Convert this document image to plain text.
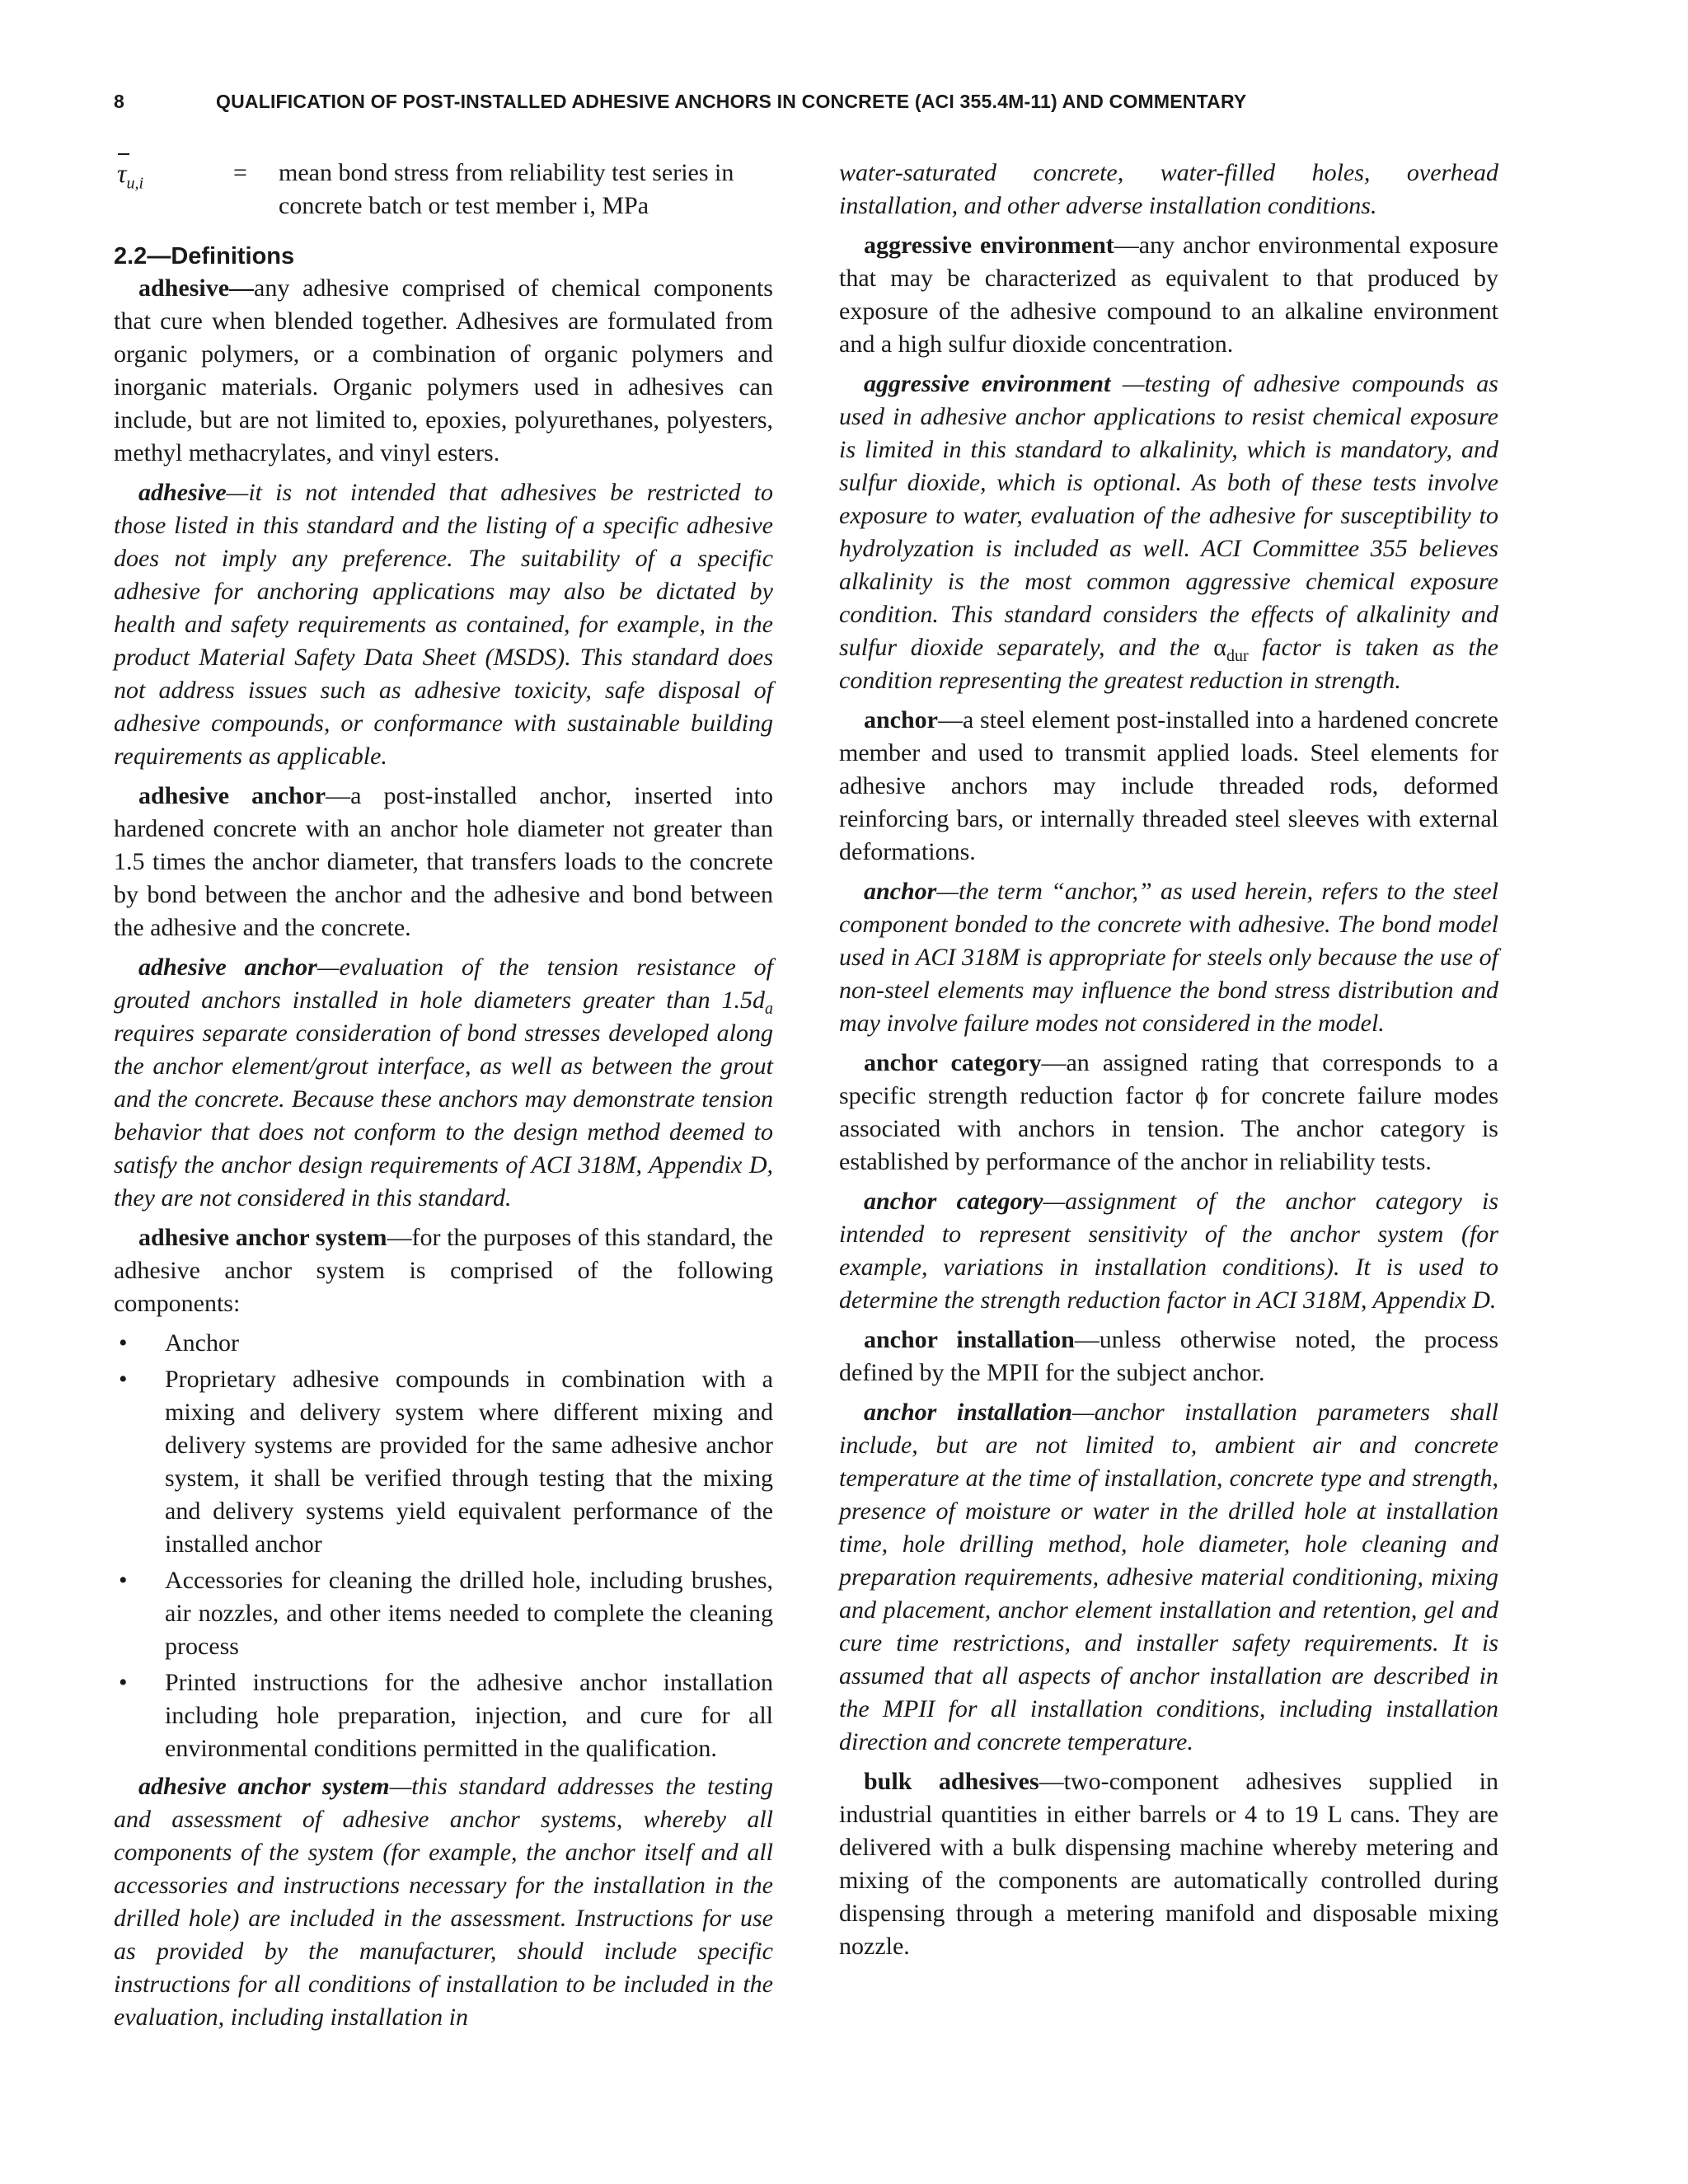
8	QUALIFICATION OF POST-INSTALLED ADHESIVE ANCHORS IN CONCRETE (ACI 355.4M-11) AND COMMENTARY
$\tau_{u,i}$	= mean bond stress from reliability test series in concrete batch or test member i, MPa
2.2—Definitions

adhesive—any adhesive comprised of chemical components that cure when blended together. Adhesives are formulated from organic polymers, or a combination of organic polymers and inorganic materials. Organic polymers used in adhesives can include, but are not limited to, epoxies, polyurethanes, polyesters, methyl methacrylates, and vinyl esters.

adhesive—it is not intended that adhesives be restricted to those listed in this standard and the listing of a specific adhesive does not imply any preference. The suitability of a specific adhesive for anchoring applications may also be dictated by health and safety requirements as contained, for example, in the product Material Safety Data Sheet (MSDS). This standard does not address issues such as adhesive toxicity, safe disposal of adhesive compounds, or conformance with sustainable building requirements as applicable.

adhesive anchor—a post-installed anchor, inserted into hardened concrete with an anchor hole diameter not greater than 1.5 times the anchor diameter, that transfers loads to the concrete by bond between the anchor and the adhesive and bond between the adhesive and the concrete.

adhesive anchor—evaluation of the tension resistance of grouted anchors installed in hole diameters greater than $1.5d_a$ requires separate consideration of bond stresses developed along the anchor element/grout interface, as well as between the grout and the concrete. Because these anchors may demonstrate tension behavior that does not conform to the design method deemed to satisfy the anchor design requirements of ACI 318M, Appendix D, they are not considered in this standard.

adhesive anchor system—for the purposes of this standard, the adhesive anchor system is comprised of the following components:

• Anchor
• Proprietary adhesive compounds in combination with a mixing and delivery system where different mixing and delivery systems are provided for the same adhesive anchor system, it shall be verified through testing that the mixing and delivery systems yield equivalent performance of the installed anchor
• Accessories for cleaning the drilled hole, including brushes, air nozzles, and other items needed to complete the cleaning process
• Printed instructions for the adhesive anchor installation including hole preparation, injection, and cure for all environmental conditions permitted in the qualification.

adhesive anchor system—this standard addresses the testing and assessment of adhesive anchor systems, whereby all components of the system (for example, the anchor itself and all accessories and instructions necessary for the installation in the drilled hole) are included in the assessment. Instructions for use as provided by the manufacturer, should include specific instructions for all conditions of installation to be included in the evaluation, including installation in

water-saturated concrete, water-filled holes, overhead installation, and other adverse installation conditions.

aggressive environment—any anchor environmental exposure that may be characterized as equivalent to that produced by exposure of the adhesive compound to an alkaline environment and a high sulfur dioxide concentration.

aggressive environment —testing of adhesive compounds as used in adhesive anchor applications to resist chemical exposure is limited in this standard to alkalinity, which is mandatory, and sulfur dioxide, which is optional. As both of these tests involve exposure to water, evaluation of the adhesive for susceptibility to hydrolyzation is included as well. ACI Committee 355 believes alkalinity is the most common aggressive chemical exposure condition. This standard considers the effects of alkalinity and sulfur dioxide separately, and the $\alpha_{dur}$ factor is taken as the condition representing the greatest reduction in strength.

anchor—a steel element post-installed into a hardened concrete member and used to transmit applied loads. Steel elements for adhesive anchors may include threaded rods, deformed reinforcing bars, or internally threaded steel sleeves with external deformations.

anchor—the term “anchor,” as used herein, refers to the steel component bonded to the concrete with adhesive. The bond model used in ACI 318M is appropriate for steels only because the use of non-steel elements may influence the bond stress distribution and may involve failure modes not considered in the model.

anchor category—an assigned rating that corresponds to a specific strength reduction factor ϕ for concrete failure modes associated with anchors in tension. The anchor category is established by performance of the anchor in reliability tests.

anchor category—assignment of the anchor category is intended to represent sensitivity of the anchor system (for example, variations in installation conditions). It is used to determine the strength reduction factor in ACI 318M, Appendix D.

anchor installation—unless otherwise noted, the process defined by the MPII for the subject anchor.

anchor installation—anchor installation parameters shall include, but are not limited to, ambient air and concrete temperature at the time of installation, concrete type and strength, presence of moisture or water in the drilled hole at installation time, hole drilling method, hole diameter, hole cleaning and preparation requirements, adhesive material conditioning, mixing and placement, anchor element installation and retention, gel and cure time restrictions, and installer safety requirements. It is assumed that all aspects of anchor installation are described in the MPII for all installation conditions, including installation direction and concrete temperature.

bulk adhesives—two-component adhesives supplied in industrial quantities in either barrels or 4 to 19 L cans. They are delivered with a bulk dispensing machine whereby metering and mixing of the components are automatically controlled during dispensing through a metering manifold and disposable mixing nozzle.
